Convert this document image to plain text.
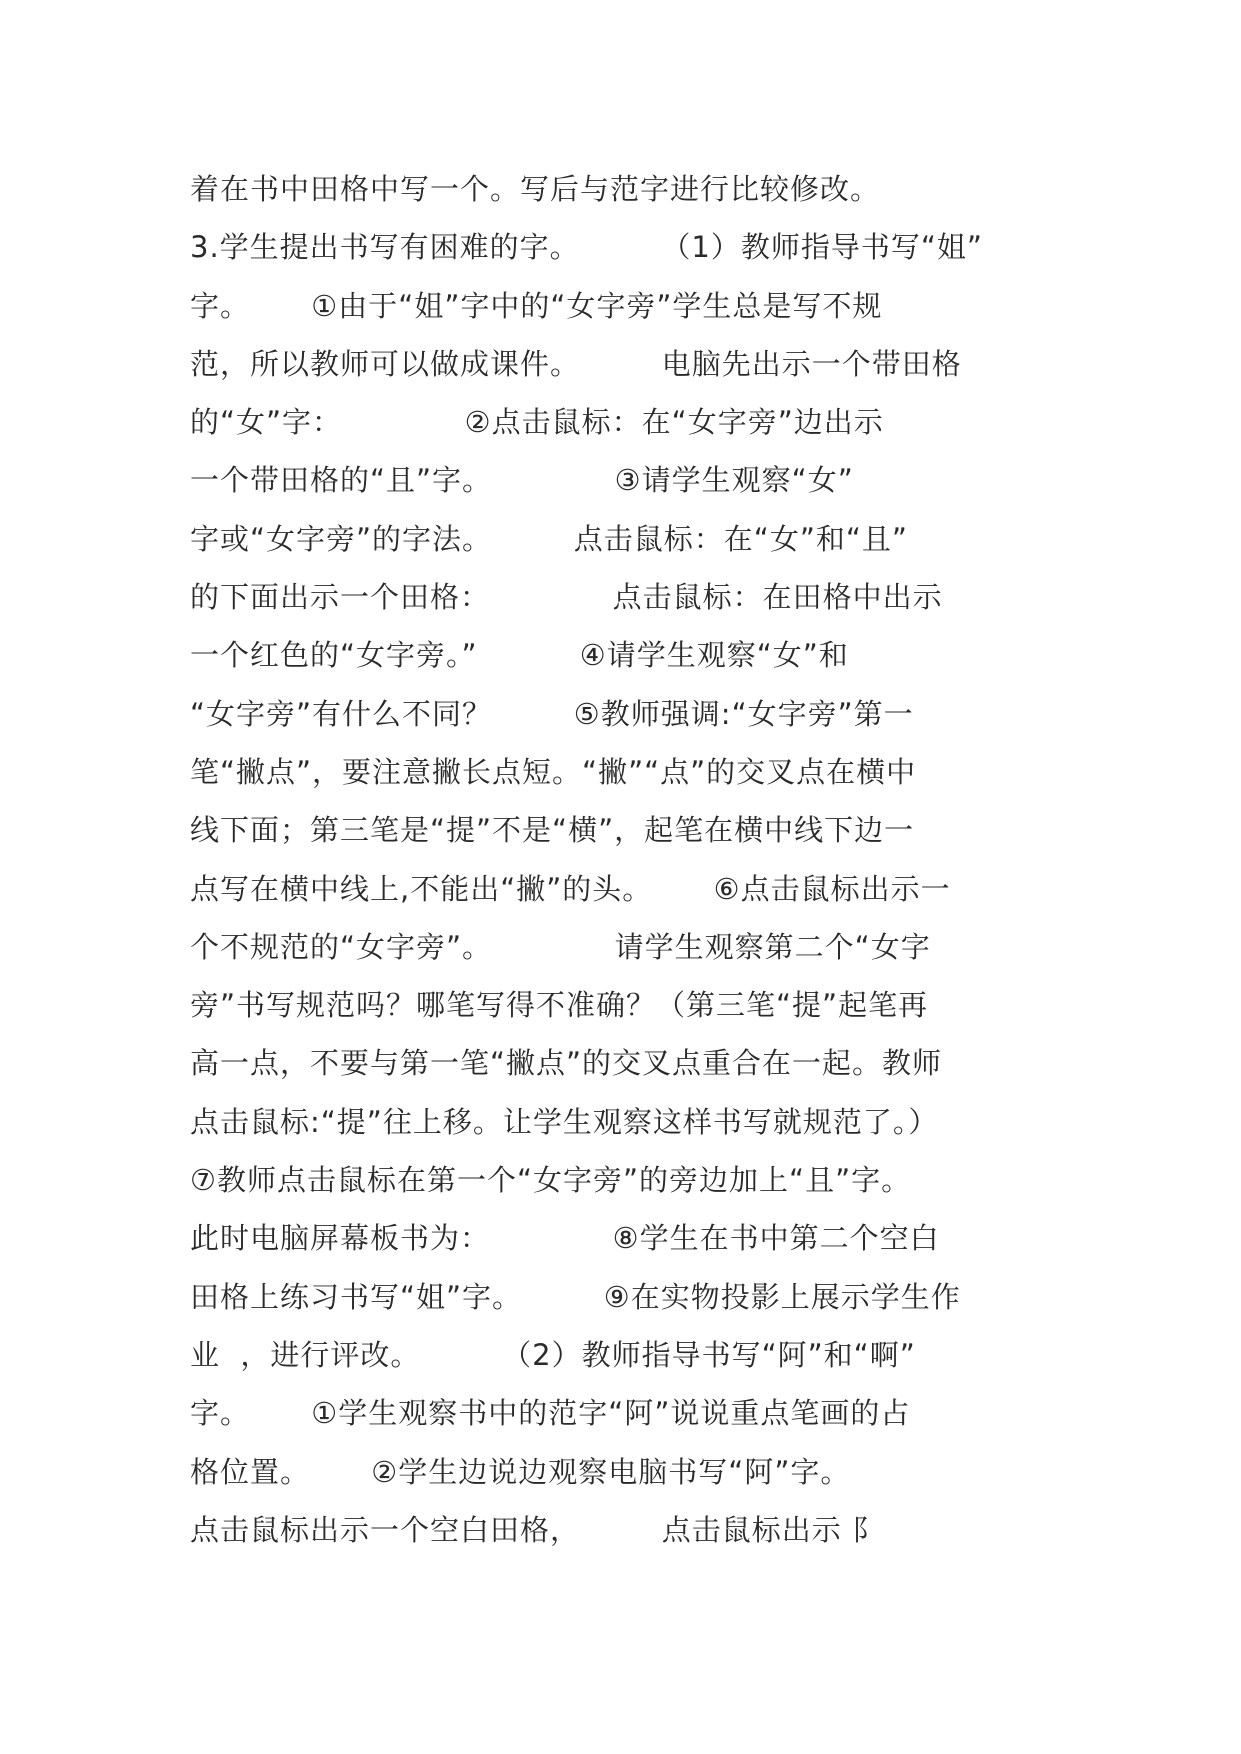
着在书中田格中写一个。写后与范字进行比较修改。
3.学生提出书写有困难的字。        （1）教师指导书写“姐”
字。      ①由于“姐”字中的“女字旁”学生总是写不规
范，所以教师可以做成课件。        电脑先出示一个带田格
的“女”字：            ②点击鼠标：在“女字旁”边出示
一个带田格的“且”字。            ③请学生观察“女”
字或“女字旁”的字法。        点击鼠标：在“女”和“且”
的下面出示一个田格：            点击鼠标：在田格中出示
一个红色的“女字旁。”          ④请学生观察“女”和
“女字旁”有什么不同？        ⑤教师强调:“女字旁”第一
笔“撇点”，要注意撇长点短。“撇”“点”的交叉点在横中
线下面；第三笔是“提”不是“横”，起笔在横中线下边一
点写在横中线上,不能出“撇”的头。      ⑥点击鼠标出示一
个不规范的“女字旁”。            请学生观察第二个“女字
旁”书写规范吗？哪笔写得不准确？（第三笔“提”起笔再
高一点，不要与第一笔“撇点”的交叉点重合在一起。教师
点击鼠标:“提”往上移。让学生观察这样书写就规范了。）
⑦教师点击鼠标在第一个“女字旁”的旁边加上“且”字。
此时电脑屏幕板书为：            ⑧学生在书中第二个空白
田格上练习书写“姐”字。        ⑨在实物投影上展示学生作
业  ，进行评改。        （2）教师指导书写“阿”和“啊”
字。      ①学生观察书中的范字“阿”说说重点笔画的占
格位置。      ②学生边说边观察电脑书写“阿”字。
点击鼠标出示一个空白田格，        点击鼠标出示 阝
